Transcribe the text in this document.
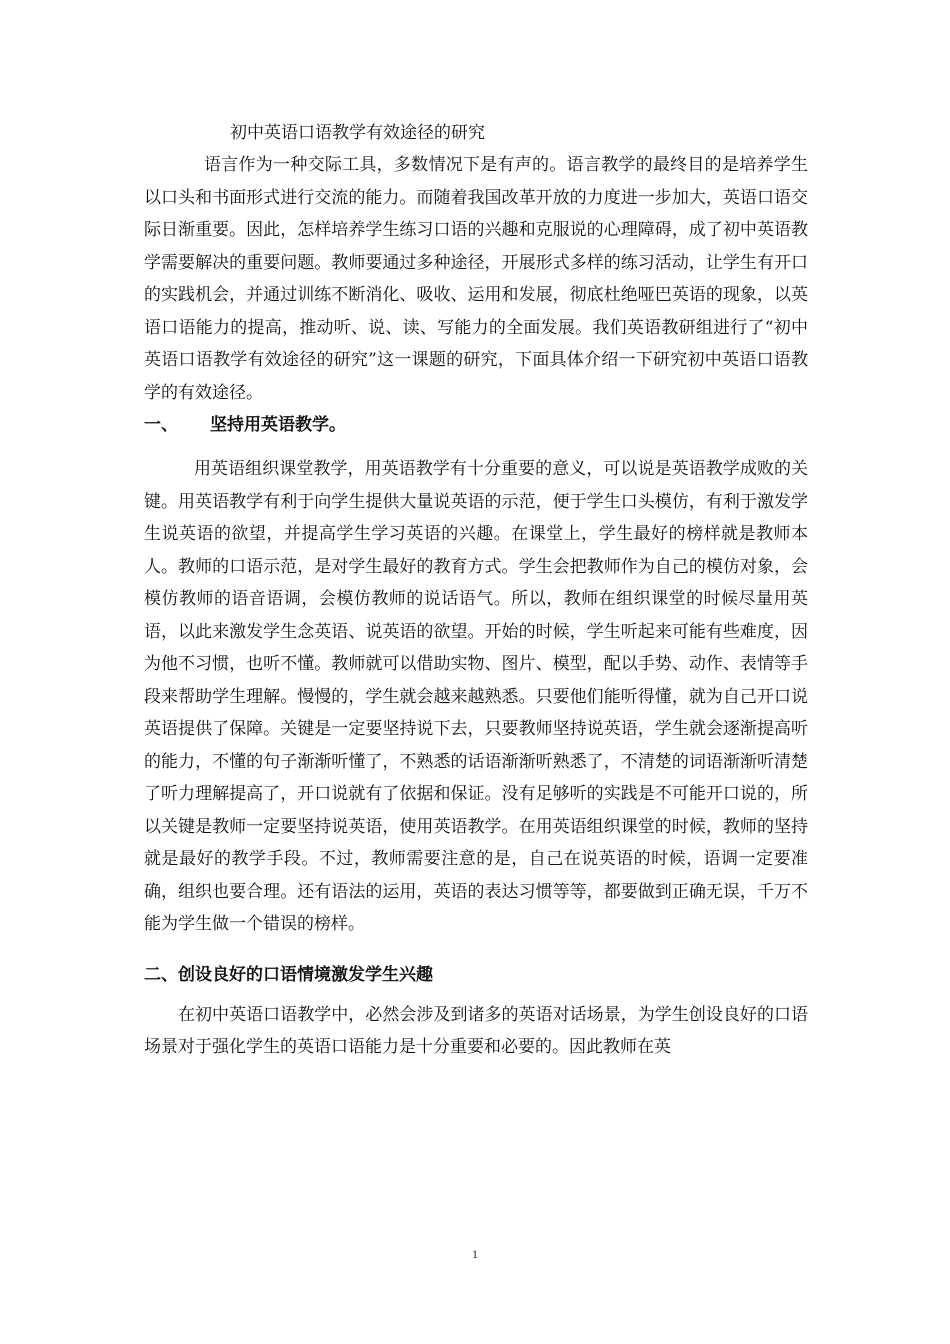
初中英语口语教学有效途径的研究

语言作为一种交际工具，多数情况下是有声的。语言教学的最终目的是培养学生以口头和书面形式进行交流的能力。而随着我国改革开放的力度进一步加大，英语口语交际日渐重要。因此，怎样培养学生练习口语的兴趣和克服说的心理障碍，成了初中英语教学需要解决的重要问题。教师要通过多种途径，开展形式多样的练习活动，让学生有开口的实践机会，并通过训练不断消化、吸收、运用和发展，彻底杜绝哑巴英语的现象，以英语口语能力的提高，推动听、说、读、写能力的全面发展。我们英语教研组进行了“初中英语口语教学有效途径的研究”这一课题的研究，下面具体介绍一下研究初中英语口语教学的有效途径。

一、 坚持用英语教学。

用英语组织课堂教学，用英语教学有十分重要的意义，可以说是英语教学成败的关键。用英语教学有利于向学生提供大量说英语的示范，便于学生口头模仿，有利于激发学生说英语的欲望，并提高学生学习英语的兴趣。在课堂上，学生最好的榜样就是教师本人。教师的口语示范，是对学生最好的教育方式。学生会把教师作为自己的模仿对象，会模仿教师的语音语调，会模仿教师的说话语气。所以，教师在组织课堂的时候尽量用英语，以此来激发学生念英语、说英语的欲望。开始的时候，学生听起来可能有些难度，因为他不习惯，也听不懂。教师就可以借助实物、图片、模型，配以手势、动作、表情等手段来帮助学生理解。慢慢的，学生就会越来越熟悉。只要他们能听得懂，就为自己开口说英语提供了保障。关键是一定要坚持说下去，只要教师坚持说英语，学生就会逐渐提高听的能力，不懂的句子渐渐听懂了，不熟悉的话语渐渐听熟悉了，不清楚的词语渐渐听清楚了听力理解提高了，开口说就有了依据和保证。没有足够听的实践是不可能开口说的，所以关键是教师一定要坚持说英语，使用英语教学。在用英语组织课堂的时候，教师的坚持就是最好的教学手段。不过，教师需要注意的是，自己在说英语的时候，语调一定要准确，组织也要合理。还有语法的运用，英语的表达习惯等等，都要做到正确无误，千万不能为学生做一个错误的榜样。

二、创设良好的口语情境激发学生兴趣

在初中英语口语教学中，必然会涉及到诸多的英语对话场景，为学生创设良好的口语场景对于强化学生的英语口语能力是十分重要和必要的。因此教师在英

1
